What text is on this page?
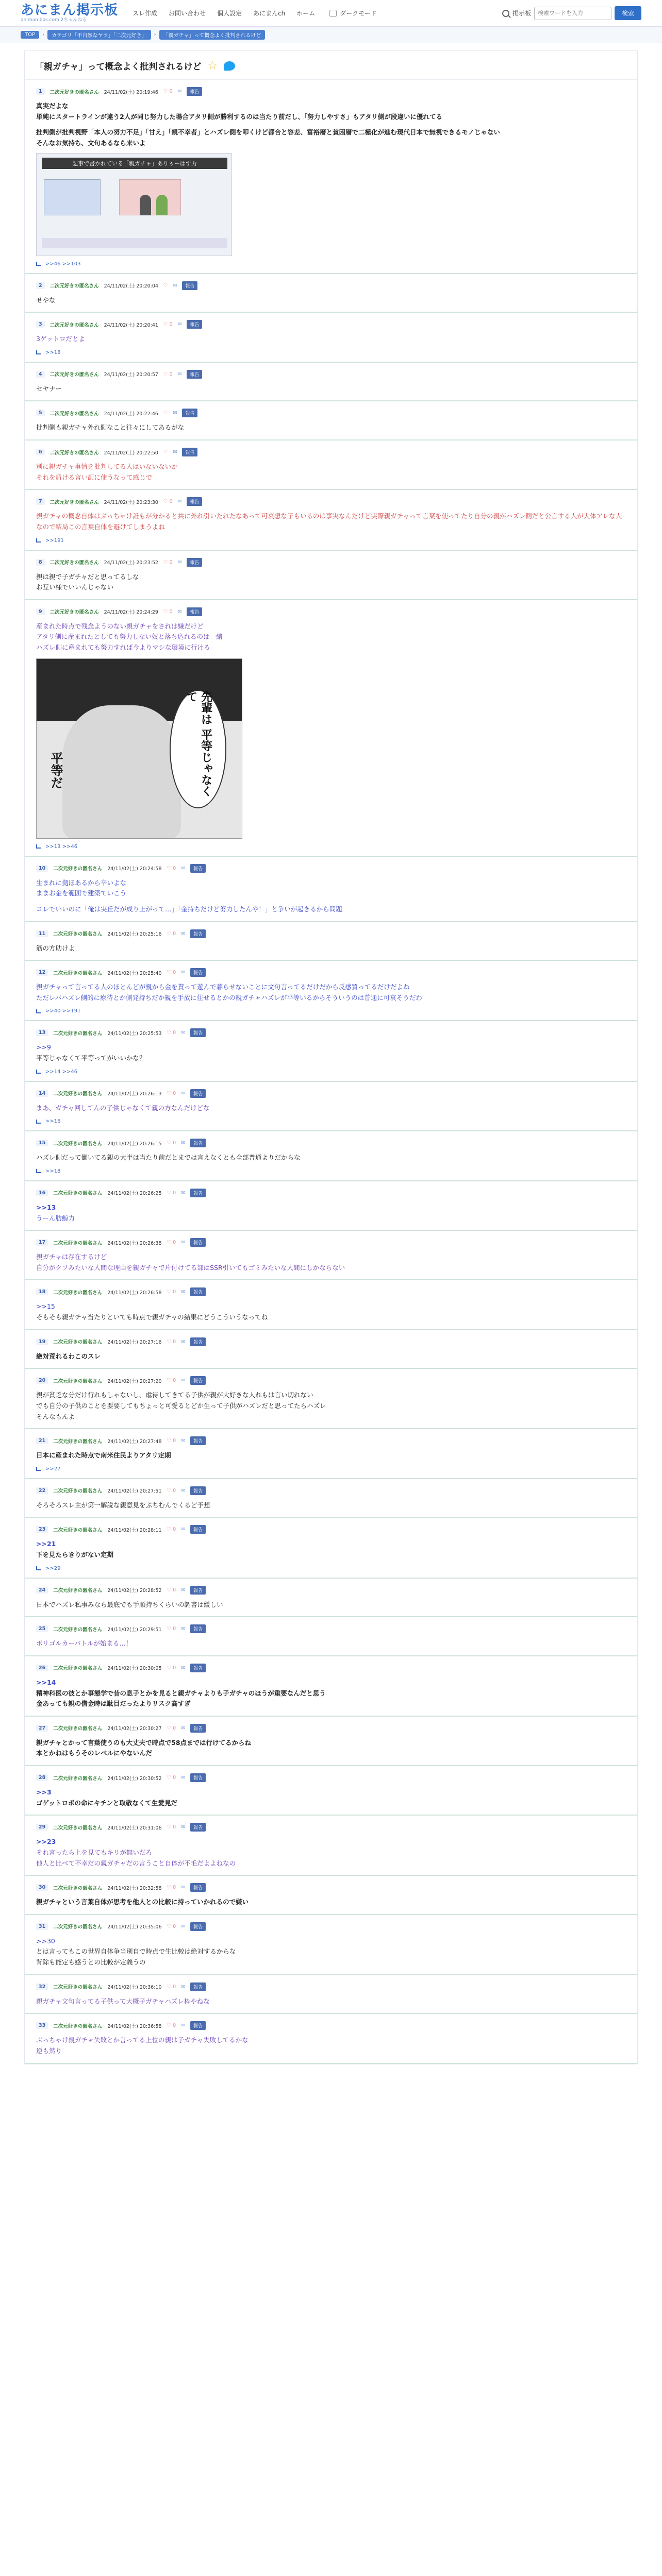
あにまん掲示板
animan bbs.com 2ちゃんねる
スレ作成 お問い合わせ 個人設定 あにまんch ホーム	ダークモード	掲示板
検索ワードを入力	検索
TOP	›	カテゴリ「不自然なヤツ」「二次元好き」	›	「親ガチャ」って概念よく批判されるけど
「親ガチャ」って概念よく批判されるけど ☆
1	二次元好きの匿名さん 24/11/02(土) 20:19:46 ♡ 0 ✉	報告
真実だよな
単純にスタートラインが違う2人が同じ努力した場合アタリ側が勝利するのは当たり前だし、「努力しやすさ」もアタリ側が段違いに優れてる
批判側が批判視野「本人の努力不足」「甘え」「親不幸者」とハズレ側を叩くけど都合と容差、富裕層と貧困層で二極化が進む現代日本で無視できるモノじゃない
そんなお気持ち、文句あるなら来いよ
記事で書かれている「親ガチャ」ありぅーはず力
>>46 >>103
2	二次元好きの匿名さん 24/11/02(土) 20:20:04 ♡ ✉	報告
せやな
3	二次元好きの匿名さん 24/11/02(土) 20:20:41 ♡ 0 ✉	報告
3ゲットロだとよ
>>18
4	二次元好きの匿名さん 24/11/02(土) 20:20:57 ♡ 0 ✉	報告
セヤナー
5	二次元好きの匿名さん 24/11/02(土) 20:22:46 ♡ ✉	報告
批判側も親ガチャ外れ側なこと往々にしてあるがな
6	二次元好きの匿名さん 24/11/02(土) 20:22:50 ♡ ✉	報告
別に親ガチャ事情を批判してる人はいないないか
それを盾ける言い訳に使うなって感じで
7	二次元好きの匿名さん 24/11/02(土) 20:23:30 ♡ 0 ✉	報告
親ガチャの概念自体はぶっちゃけ誰もが分かると共に外れ引いたれたなあって可哀想な子もいるのは事実なんだけど実際親ガチャって言葉を使ってたり自分の親がハズレ側だと公言する人が大体アレな人なので結局この言葉自体を避けてしまうよね
>>191
8	二次元好きの匿名さん 24/11/02(土) 20:23:52 ♡ 0 ✉	報告
親は親で子ガチャだと思ってるしな
お互い様でいいんじゃない
9	二次元好きの匿名さん 24/11/02(土) 20:24:29 ♡ 0 ✉	報告
産まれた時点で残念ようのない親ガチャをされは嫌だけど
アタリ側に産まれたとしても努力しない奴と落ち込れるのは一緒
ハズレ側に産まれても努力すれば今よりマシな環境に行ける
平等だ	先輩は 平等じゃなくて
>>13 >>46
10	二次元好きの匿名さん 24/11/02(土) 20:24:58 ♡ 0 ✉	報告
生まれに拠ほあるから辛いよな
ままお金を範囲で建築ていこう
コレでいいのに「俺は実丘だが成り上がって…」「金持ちだけど努力したんや！」と争いが起きるから問題
11	二次元好きの匿名さん 24/11/02(土) 20:25:16 ♡ 0 ✉	報告
筋の方助けよ
12	二次元好きの匿名さん 24/11/02(土) 20:25:40 ♡ 0 ✉	報告
親ガチャって言ってる人のほとんどが親から金を貰って遊んで暮らせないことに文句言ってるだけだから反感買ってるだけだよね
ただレバハズレ側的に療待とか側発持ちだか親を手放に住せるとかの親ガチャハズレが平等いるからそういうのは普通に可哀そうだわ
>>40 >>191
13	二次元好きの匿名さん 24/11/02(土) 20:25:53 ♡ 0 ✉	報告
>>9
平等じゃなくて平等ってがいいかな？
>>14 >>46
14	二次元好きの匿名さん 24/11/02(土) 20:26:13 ♡ 0 ✉	報告
まあ、ガチャ回してんの子供じゃなくて親の方なんだけどな
>>16
15	二次元好きの匿名さん 24/11/02(土) 20:26:15 ♡ 0 ✉	報告
ハズレ側だって働いてる親の大半は当たり前だとまでは言えなくとも全部普通よりだからな
>>18
16	二次元好きの匿名さん 24/11/02(土) 20:26:25 ♡ 0 ✉	報告
>>13
うーん肪鯨力
17	二次元好きの匿名さん 24/11/02(土) 20:26:38 ♡ 0 ✉	報告
親ガチャは存在するけど
自分がクソみたいな人間な理由を親ガチャで片付けてる部はSSR引いてもゴミみたいな人間にしかならない
18	二次元好きの匿名さん 24/11/02(土) 20:26:58 ♡ 0 ✉	報告
>>15
そもそも親ガチャ当たりといても時点で親ガチャの結果にどうこういうなってね
19	二次元好きの匿名さん 24/11/02(土) 20:27:16 ♡ 0 ✉	報告
絶対荒れるわこのスレ
20	二次元好きの匿名さん 24/11/02(土) 20:27:20 ♡ 0 ✉	報告
親が貧乏な分だけ行れもしゃないし、虐待してきてる子供が親が大好きな人れもは言い切れない
でも自分の子供のことを要要してもちょっと可愛るとどか生って子供がハズレだと思ってたらハズレ
そんなもんよ
21	二次元好きの匿名さん 24/11/02(土) 20:27:48 ♡ 0 ✉	報告
日本に産まれた時点で南米住民よりアタリ定期
>>27
22	二次元好きの匿名さん 24/11/02(土) 20:27:51 ♡ 0 ✉	報告
そろそろスレ主が第一解説な親意見をぶちむんでくるど予想
23	二次元好きの匿名さん 24/11/02(土) 20:28:11 ♡ 0 ✉	報告
>>21
下を見たらきりがない定期
>>29
24	二次元好きの匿名さん 24/11/02(土) 20:28:52 ♡ 0 ✉	報告
日本でハズレ私事みなら最底でも手順持ちくらいの調書は緩しい
25	二次元好きの匿名さん 24/11/02(土) 20:29:51 ♡ 0 ✉	報告
ポリゴルカーバトルが始まる…！
26	二次元好きの匿名さん 24/11/02(土) 20:30:05 ♡ 0 ✉	報告
>>14
精神科医の彼とか事態学で昔の息子とかを見ると親ガチャよりも子ガチャのほうが重要なんだと思う
金あっても親の借金時は駄目だったよりリスク高すぎ
27	二次元好きの匿名さん 24/11/02(土) 20:30:27 ♡ 0 ✉	報告
親ガチャとかって言葉使うのも大丈夫で時点で58点までは行けてるからね
本とかねはもうそのレベルにやないんだ
28	二次元好きの匿名さん 24/11/02(土) 20:30:52 ♡ 0 ✉	報告
>>3
ゴゲットロボの命にキチンと取敬なくて生愛見だ
29	二次元好きの匿名さん 24/11/02(土) 20:31:06 ♡ 0 ✉	報告
>>23
それ言ったら上を見てもキリが無いだろ
他人と比べて不幸だの親ガチャだの言うこと自体が不毛だよよねなの
30	二次元好きの匿名さん 24/11/02(土) 20:32:58 ♡ 0 ✉	報告
親ガチャという言葉自体が思考を他人との比較に持っていかれるので嫌い
31	二次元好きの匿名さん 24/11/02(土) 20:35:06 ♡ 0 ✉	報告
>>30
とは言ってもこの世界自体争当別自で時点で生比較は絶対するからな
背除も能定も感うとの比較が定義うの
32	二次元好きの匿名さん 24/11/02(土) 20:36:10 ♡ 0 ✉	報告
親ガチャ文句言ってる子供って大概子ガチャハズレ枠やねな
33	二次元好きの匿名さん 24/11/02(土) 20:36:58 ♡ 0 ✉	報告
ぶっちゃけ親ガチャ失敗とか言ってる上位の親は子ガチャ失敗してるかな
逆も然り
